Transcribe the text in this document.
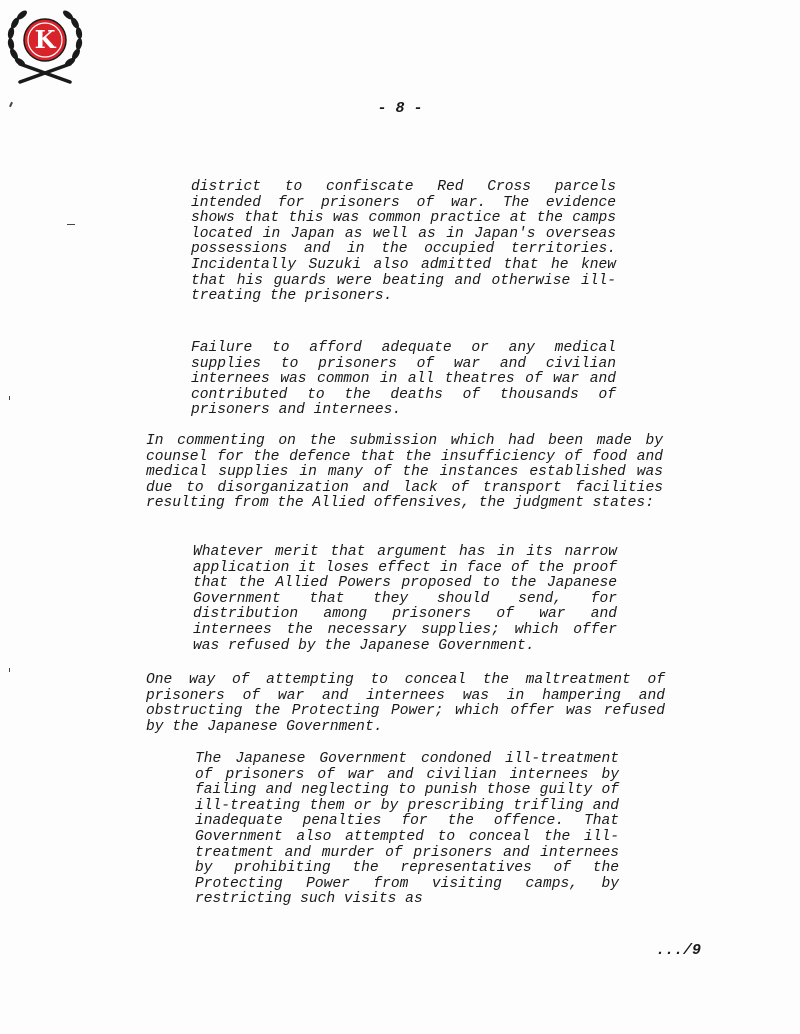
K
- 8 -

district to confiscate Red Cross parcels intended for prisoners of war. The evidence shows that this was common practice at the camps located in Japan as well as in Japan's overseas possessions and in the occupied territories. Incidentally Suzuki also admitted that he knew that his guards were beating and otherwise ill-treating the prisoners.

Failure to afford adequate or any medical supplies to prisoners of war and civilian internees was common in all theatres of war and contributed to the deaths of thousands of prisoners and internees.

In commenting on the submission which had been made by counsel for the defence that the insufficiency of food and medical supplies in many of the instances established was due to disorganization and lack of transport facilities resulting from the Allied offensives, the judgment states:

Whatever merit that argument has in its narrow application it loses effect in face of the proof that the Allied Powers proposed to the Japanese Government that they should send, for distribution among prisoners of war and internees the necessary supplies; which offer was refused by the Japanese Government.

One way of attempting to conceal the maltreatment of prisoners of war and internees was in hampering and obstructing the Protecting Power; which offer was refused by the Japanese Government.

The Japanese Government condoned ill-treatment of prisoners of war and civilian internees by failing and neglecting to punish those guilty of ill-treating them or by prescribing trifling and inadequate penalties for the offence. That Government also attempted to conceal the ill-treatment and murder of prisoners and internees by prohibiting the representatives of the Protecting Power from visiting camps, by restricting such visits as

.../9
